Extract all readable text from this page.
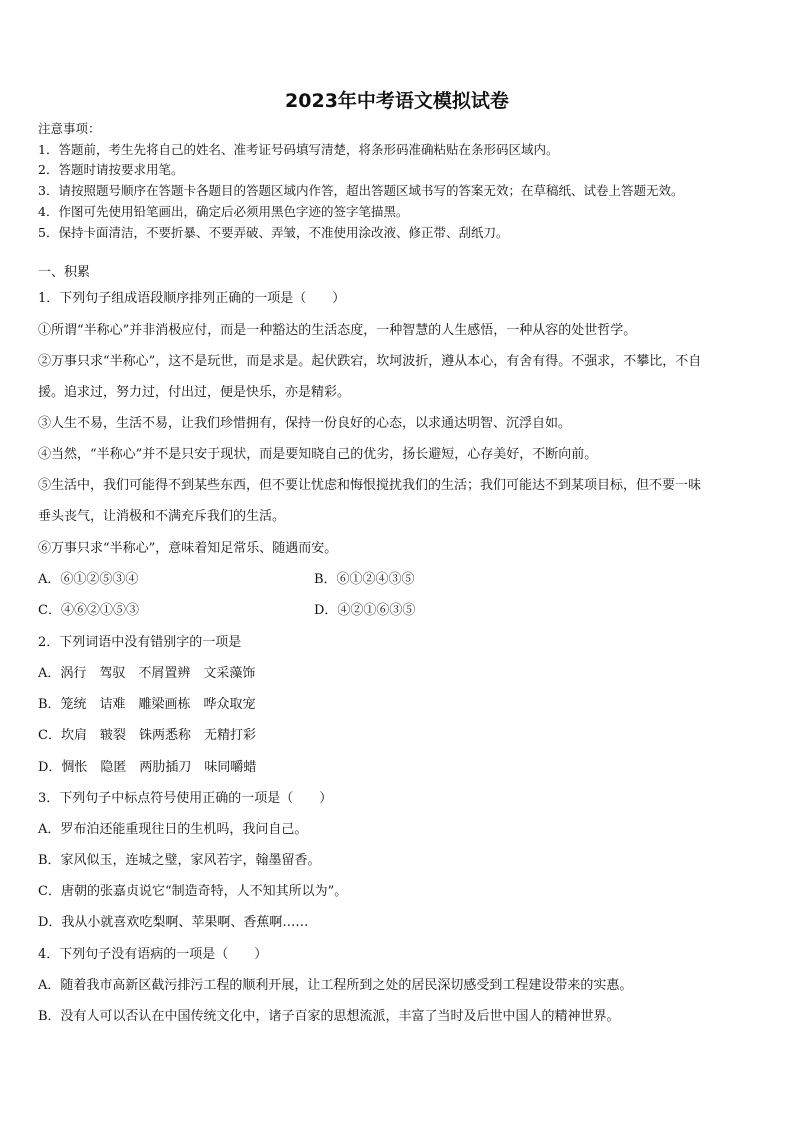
2023年中考语文模拟试卷
注意事项：
1．答题前，考生先将自己的姓名、准考证号码填写清楚，将条形码准确粘贴在条形码区域内。
2．答题时请按要求用笔。
3．请按照题号顺序在答题卡各题目的答题区域内作答，超出答题区域书写的答案无效；在草稿纸、试卷上答题无效。
4．作图可先使用铅笔画出，确定后必须用黑色字迹的签字笔描黑。
5．保持卡面清洁，不要折暴、不要弄破、弄皱，不准使用涂改液、修正带、刮纸刀。
一、积累
1．下列句子组成语段顺序排列正确的一项是（　　）
①所谓“半称心”并非消极应付，而是一种豁达的生活态度，一种智慧的人生感悟，一种从容的处世哲学。
②万事只求“半称心”，这不是玩世，而是求是。起伏跌宕，坎坷波折，遵从本心，有舍有得。不强求，不攀比，不自
援。追求过，努力过，付出过，便是快乐，亦是精彩。
③人生不易，生活不易，让我们珍惜拥有，保持一份良好的心态，以求通达明智、沉浮自如。
④当然，“半称心”并不是只安于现状，而是要知晓自己的优劣，扬长避短，心存美好，不断向前。
⑤生活中，我们可能得不到某些东西，但不要让忧虑和悔恨搅扰我们的生活；我们可能达不到某项目标，但不要一味
垂头丧气，让消极和不满充斥我们的生活。
⑥万事只求“半称心”，意味着知足常乐、随遇而安。
A．⑥①②⑤③④	B．⑥①②④③⑤
C．④⑥②①⑤③	D．④②①⑥③⑤
2．下列词语中没有错别字的一项是
A．涡行　驾驭　不屑置辨　文采藻饰
B．笼统　诘难　雕梁画栋　哗众取宠
C．坎肩　皲裂　铢两悉称　无精打彩
D．惆怅　隐匿　两肋插刀　味同嚼蜡
3．下列句子中标点符号使用正确的一项是（　　）
A．罗布泊还能重现往日的生机吗，我问自己。
B．家风似玉，连城之璧，家风若字，翰墨留香。
C．唐朝的张嘉贞说它“制造奇特，人不知其所以为”。
D．我从小就喜欢吃梨啊、苹果啊、香蕉啊……
4．下列句子没有语病的一项是（　　）
A．随着我市高新区截污排污工程的顺利开展，让工程所到之处的居民深切感受到工程建设带来的实惠。
B．没有人可以否认在中国传统文化中，诸子百家的思想流派，丰富了当时及后世中国人的精神世界。
